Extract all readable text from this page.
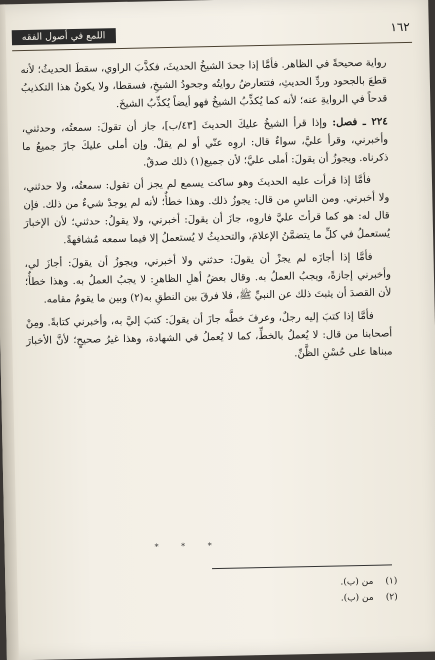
اللمع في أصول الفقه
١٦٢

رواية صحيحةً في الظاهر. فأمَّا إذا جحدَ الشيخُ الحديثَ، فكذَّبَ الراوي، سقطَ الحديثُ؛ لأنه قطعَ بالجحود وردِّ الحديثِ، فتتعارضُ روايتُه وجحودُ الشيخِ، فسقطا، ولا يكونُ هذا التكذيبُ قدحاً في الروايةِ عنه؛ لأنه كما يُكذِّبُ الشيخُ فهو أيضاً يُكذِّبُ الشيخَ.

٢٢٤ ـ فصل: وإذا قرأ الشيخُ عليكَ الحديثَ [٤٣/ب]، جاز أن تقولَ: سمعتُه، وحدثني، وأخبرني، وقرأ عليَّ، سواءٌ قال: اروِه عنّي أو لم يقلْ. وإن أملى عليكَ جازَ جميعُ ما ذكرناه. ويجوزُ أن يقولَ: أملى عليَّ؛ لأن جميع(١) ذلك صدقٌ.

فأمَّا إذا قرأت عليه الحديثَ وهو ساكت يسمع لم يجز أن تقول: سمعتُه، ولا حدثني، ولا أخبرني. ومن الناسِ من قال: يجوزُ ذلك. وهذا خطأٌ؛ لأنه لم يوجدْ شيءٌ من ذلك. فإن قال له: هو كما قرأتَ عليَّ فاروِه، جازَ أن يقولَ: أخبرني، ولا يقولُ: حدثني؛ لأن الإخبارَ يُستعملُ في كلِّ ما يتضمَّنُ الإعلامَ، والتحديثُ لا يُستعملُ إلا فيما سمعه مُشافهةً.

فأمَّا إذا أجازَه لم يجزْ أن يقولَ: حدثني ولا أخبرني، ويجوزُ أن يقولَ: أجازَ لي، وأخبرني إجازةً، ويجبُ العملُ به. وقال بعضُ أهلِ الظاهرِ: لا يجبُ العملُ به. وهذا خطأٌ؛ لأن القصدَ أن يثبتَ ذلك عن النبيِّ ﷺ، فلا فرقَ بين النطقِ به(٢) وبين ما يقومُ مقامه.

فأمَّا إذا كتبَ إليه رجلٌ، وعرفَ خطَّه جازَ أن يقولَ: كتبَ إليَّ به، وأخبرني كتابةً. ومِنْ أصحابنا من قال: لا يُعملُ بالخطِّ، كما لا يُعملُ في الشهادة، وهذا غيرُ صحيحٍ؛ لأنَّ الأخبارَ مبناها على حُسْنِ الظَّنِّ.

* * *
(١)من (ب).
(٢)من (ب).
